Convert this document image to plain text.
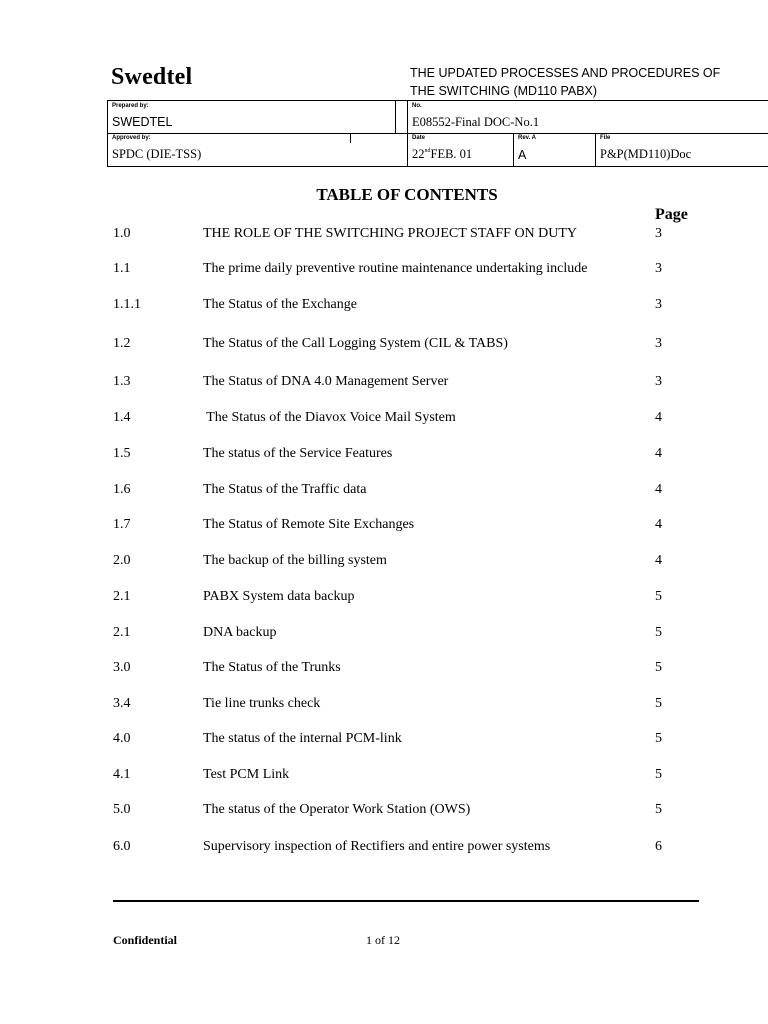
Swedtel	THE UPDATED PROCESSES AND PROCEDURES OF
THE SWITCHING (MD110 PABX)
Prepared by:
SWEDTEL
No.
E08552-Final DOC-No.1
Approved by:
SPDC (DIE-TSS)
Date
22ndFEB. 01
Rev. A
A
File
P&P(MD110)Doc
TABLE OF CONTENTS
Page
1.0	THE ROLE OF THE SWITCHING PROJECT STAFF ON DUTY	3
1.1	The prime daily preventive routine maintenance undertaking include	3
1.1.1	The Status of the Exchange	3
1.2	The Status of the Call Logging System (CIL & TABS)	3
1.3	The Status of DNA 4.0 Management Server	3
1.4	The Status of the Diavox Voice Mail System	4
1.5	The status of the Service Features	4
1.6	The Status of the Traffic data	4
1.7	The Status of Remote Site Exchanges	4
2.0	The backup of the billing system	4
2.1	PABX System data backup	5
2.1	DNA backup	5
3.0	The Status of the Trunks	5
3.4	Tie line trunks check	5
4.0	The status of the internal PCM-link	5
4.1	Test PCM Link	5
5.0	The status of the Operator Work Station (OWS)	5
6.0	Supervisory inspection of Rectifiers and entire power systems	6
Confidential	1 of 12
